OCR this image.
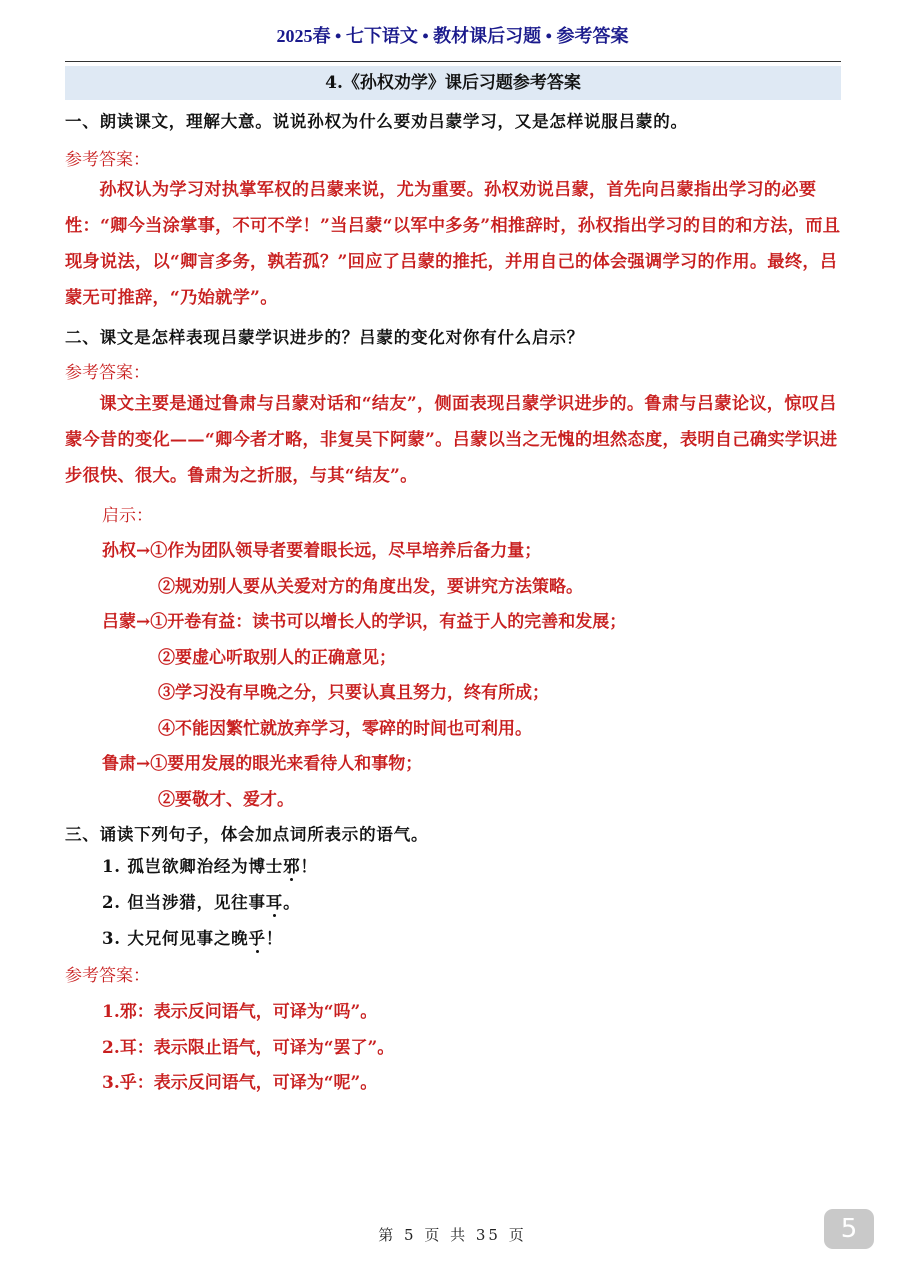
2025春 • 七下语文 • 教材课后习题 • 参考答案
4.《孙权劝学》课后习题参考答案
一、朗读课文，理解大意。说说孙权为什么要劝吕蒙学习，又是怎样说服吕蒙的。
参考答案：
孙权认为学习对执掌军权的吕蒙来说，尤为重要。孙权劝说吕蒙，首先向吕蒙指出学习的必要性：“卿今当涂掌事，不可不学！”当吕蒙“以军中多务”相推辞时，孙权指出学习的目的和方法，而且现身说法，以“卿言多务，孰若孤？”回应了吕蒙的推托，并用自己的体会强调学习的作用。最终，吕蒙无可推辞，“乃始就学”。
二、课文是怎样表现吕蒙学识进步的？吕蒙的变化对你有什么启示？
参考答案：
课文主要是通过鲁肃与吕蒙对话和“结友”，侧面表现吕蒙学识进步的。鲁肃与吕蒙论议，惊叹吕蒙今昔的变化——“卿今者才略，非复吴下阿蒙”。吕蒙以当之无愧的坦然态度，表明自己确实学识进步很快、很大。鲁肃为之折服，与其“结友”。
启示：
孙权→①作为团队领导者要着眼长远，尽早培养后备力量；
②规劝别人要从关爱对方的角度出发，要讲究方法策略。
吕蒙→①开卷有益：读书可以增长人的学识，有益于人的完善和发展；
②要虚心听取别人的正确意见；
③学习没有早晚之分，只要认真且努力，终有所成；
④不能因繁忙就放弃学习，零碎的时间也可利用。
鲁肃→①要用发展的眼光来看待人和事物；
②要敬才、爱才。
三、诵读下列句子，体会加点词所表示的语气。
1. 孤岂欲卿治经为博士邪！
2. 但当涉猎，见往事耳。
3. 大兄何见事之晚乎！
参考答案：
1.邪：表示反问语气，可译为“吗”。
2.耳：表示限止语气，可译为“罢了”。
3.乎：表示反问语气，可译为“呢”。
第 5 页 共 35 页	5
